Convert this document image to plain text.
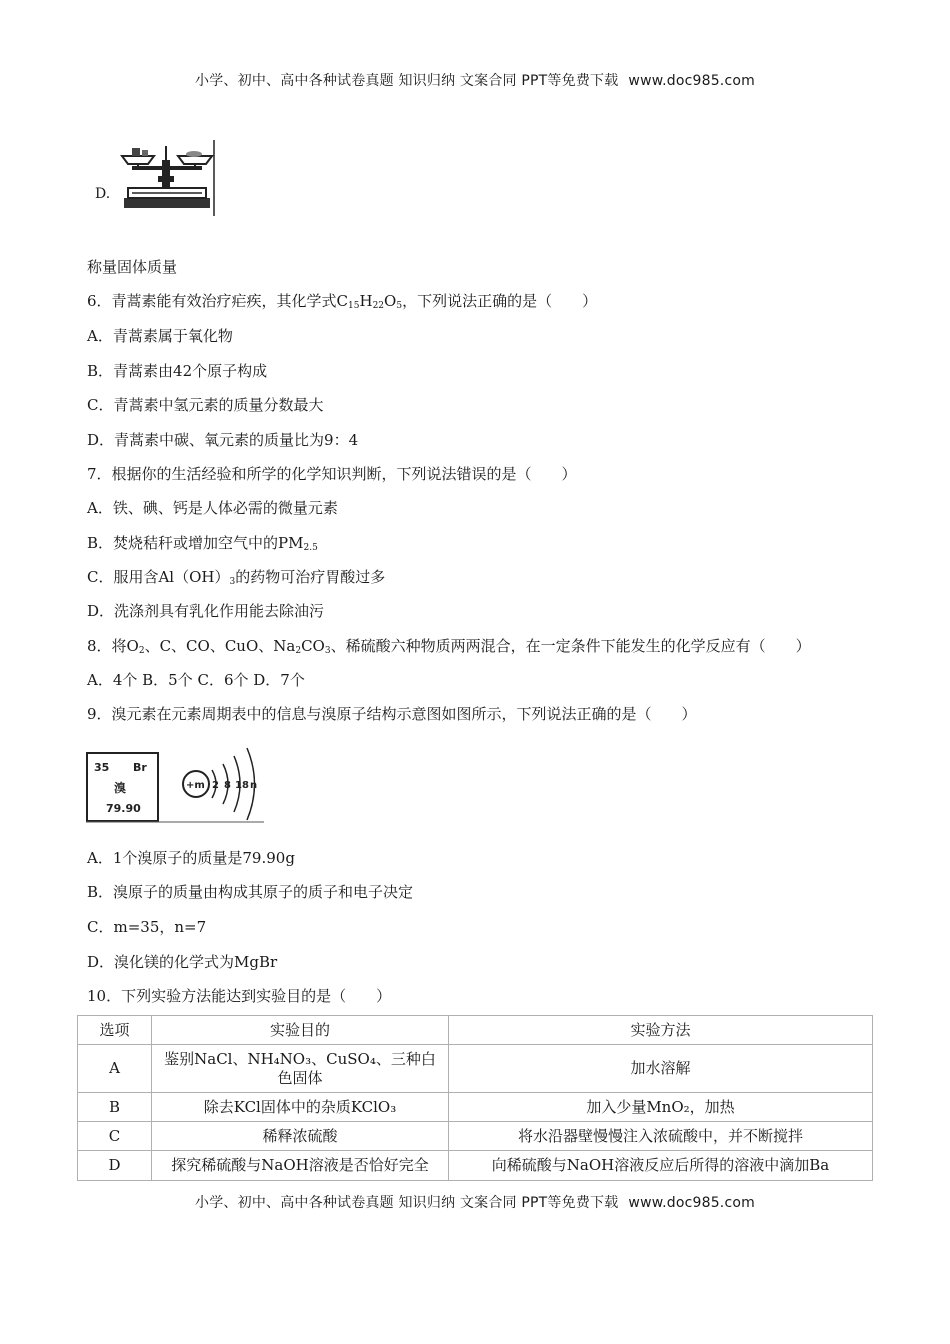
小学、初中、高中各种试卷真题 知识归纳 文案合同 PPT等免费下载 www.doc985.com
D.
称量固体质量
6．青蒿素能有效治疗疟疾，其化学式$C_{15}H_{22}O_5$，下列说法正确的是（　　）
A．青蒿素属于氧化物
B．青蒿素由42个原子构成
C．青蒿素中氢元素的质量分数最大
D．青蒿素中碳、氧元素的质量比为9：4
7．根据你的生活经验和所学的化学知识判断，下列说法错误的是（　　）
A．铁、碘、钙是人体必需的微量元素
B．焚烧秸秆或增加空气中的$PM_{2.5}$
C．服用含$Al(OH)_3$的药物可治疗胃酸过多
D．洗涤剂具有乳化作用能去除油污
8．将$O_2$、C、CO、CuO、$Na_2CO_3$、稀硫酸六种物质两两混合，在一定条件下能发生的化学反应有（　　）
A．4个 B．5个 C．6个 D．7个
9．溴元素在元素周期表中的信息与溴原子结构示意图如图所示，下列说法正确的是（　　）
35 Br
溴
79.90
+m 2 8 18 n
A．1个溴原子的质量是79.90g
B．溴原子的质量由构成其原子的质子和电子决定
C．m=35，n=7
D．溴化镁的化学式为MgBr
10．下列实验方法能达到实验目的是（　　）
选项	实验目的	实验方法
A	鉴别NaCl、NH₄NO₃、CuSO₄、三种白色固体	加水溶解
B	除去KCl固体中的杂质KClO₃	加入少量MnO₂，加热
C	稀释浓硫酸	将水沿器壁慢慢注入浓硫酸中，并不断搅拌
D	探究稀硫酸与NaOH溶液是否恰好完全	向稀硫酸与NaOH溶液反应后所得的溶液中滴加Ba
小学、初中、高中各种试卷真题 知识归纳 文案合同 PPT等免费下载 www.doc985.com
